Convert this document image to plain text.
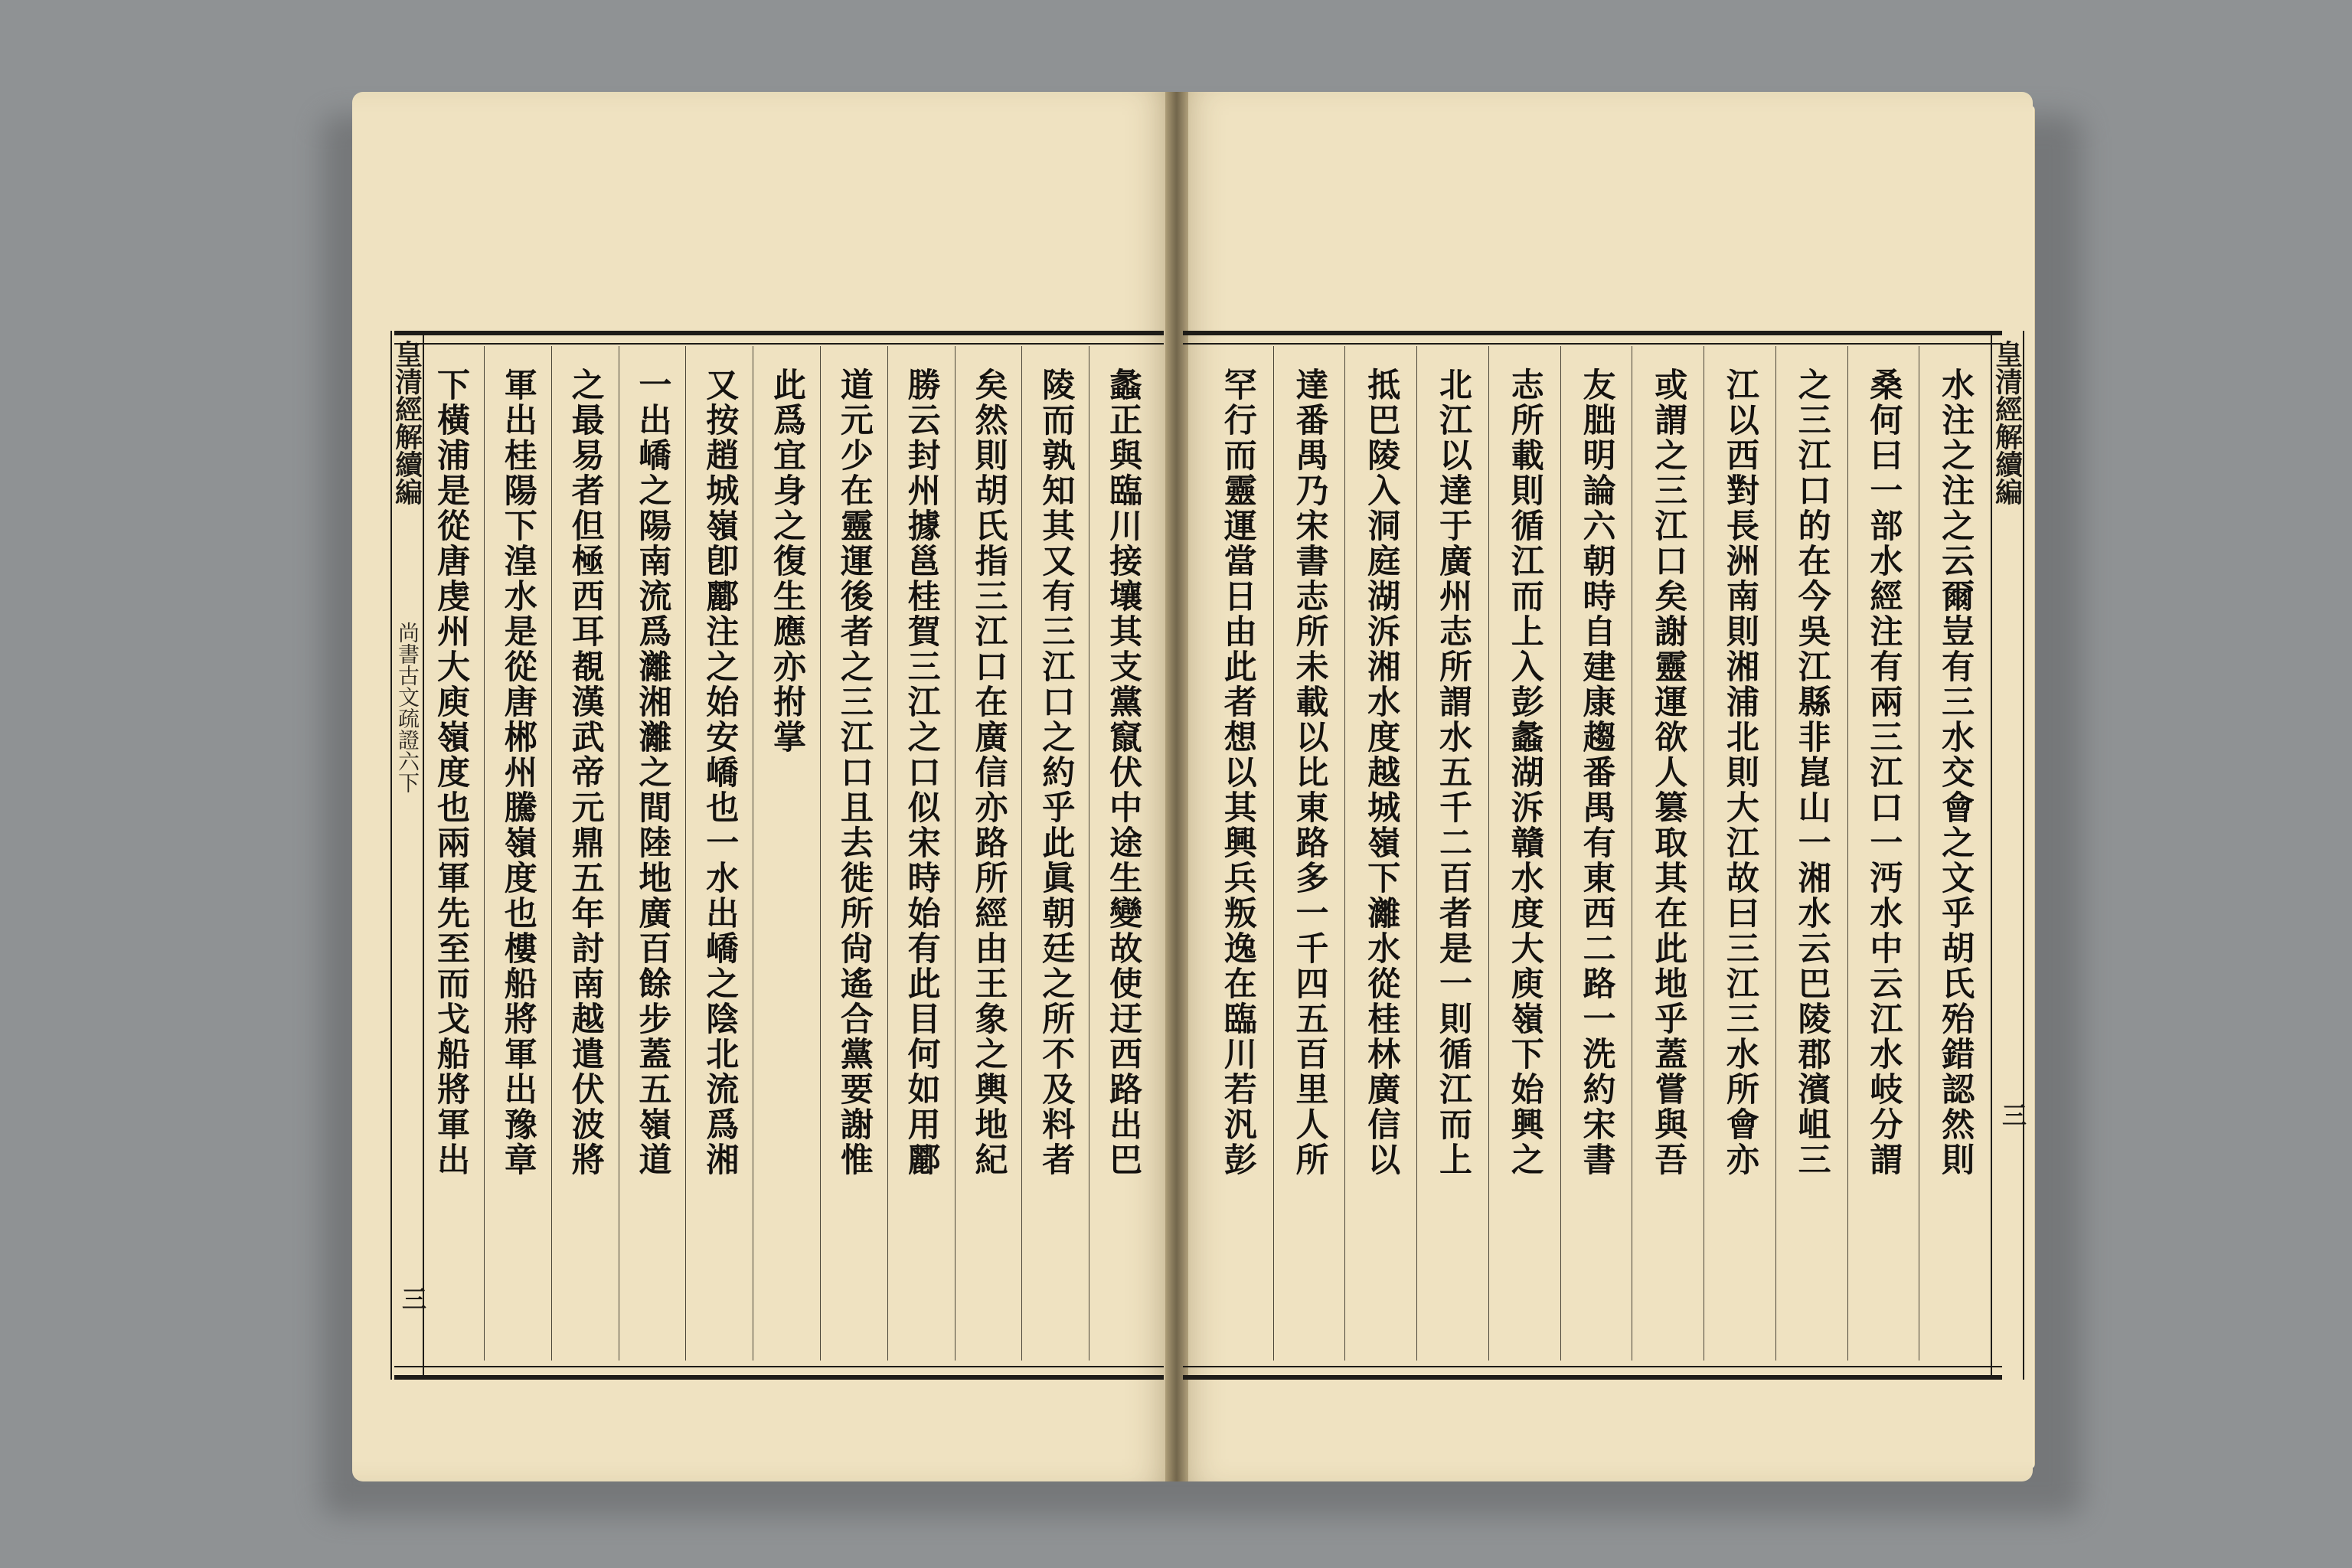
皇清經解續編
尚書古文疏證六下
三
皇清經解續編
三
水注之注之云爾豈有三水交會之文乎胡氏殆錯認然則
桑何曰一部水經注有兩三江口一沔水中云江水岐分謂
之三江口的在今吳江縣非崑山一湘水云巴陵郡濱岨三
江以西對長洲南則湘浦北則大江故曰三江三水所會亦
或謂之三江口矣謝靈運欲人篡取其在此地乎蓋嘗與吾
友朏明論六朝時自建康趨番禺有東西二路一洗約宋書
志所載則循江而上入彭蠡湖泝贛水度大庾嶺下始興之
北江以達于廣州志所謂水五千二百者是一則循江而上
抵巴陵入洞庭湖泝湘水度越城嶺下灕水從桂林廣信以
達番禺乃宋書志所未載以比東路多一千四五百里人所
罕行而靈運當日由此者想以其興兵叛逸在臨川若汎彭
蠡正與臨川接壤其支黨竄伏中途生變故使迂西路出巴
陵而孰知其又有三江口之約乎此眞朝廷之所不及料者
矣然則胡氏指三江口在廣信亦路所經由王象之輿地紀
勝云封州據邕桂賀三江之口似宋時始有此目何如用酈
道元少在靈運後者之三江口且去徙所尙遙合黨要謝惟
此爲宜身之復生應亦拊掌
又按趙城嶺卽酈注之始安嶠也一水出嶠之陰北流爲湘
一出嶠之陽南流爲灕湘灕之間陸地廣百餘步蓋五嶺道
之最易者但極西耳覩漢武帝元鼎五年討南越遣伏波將
軍出桂陽下湟水是從唐郴州騰嶺度也樓船將軍出豫章
下橫浦是從唐虔州大庾嶺度也兩軍先至而戈船將軍出
